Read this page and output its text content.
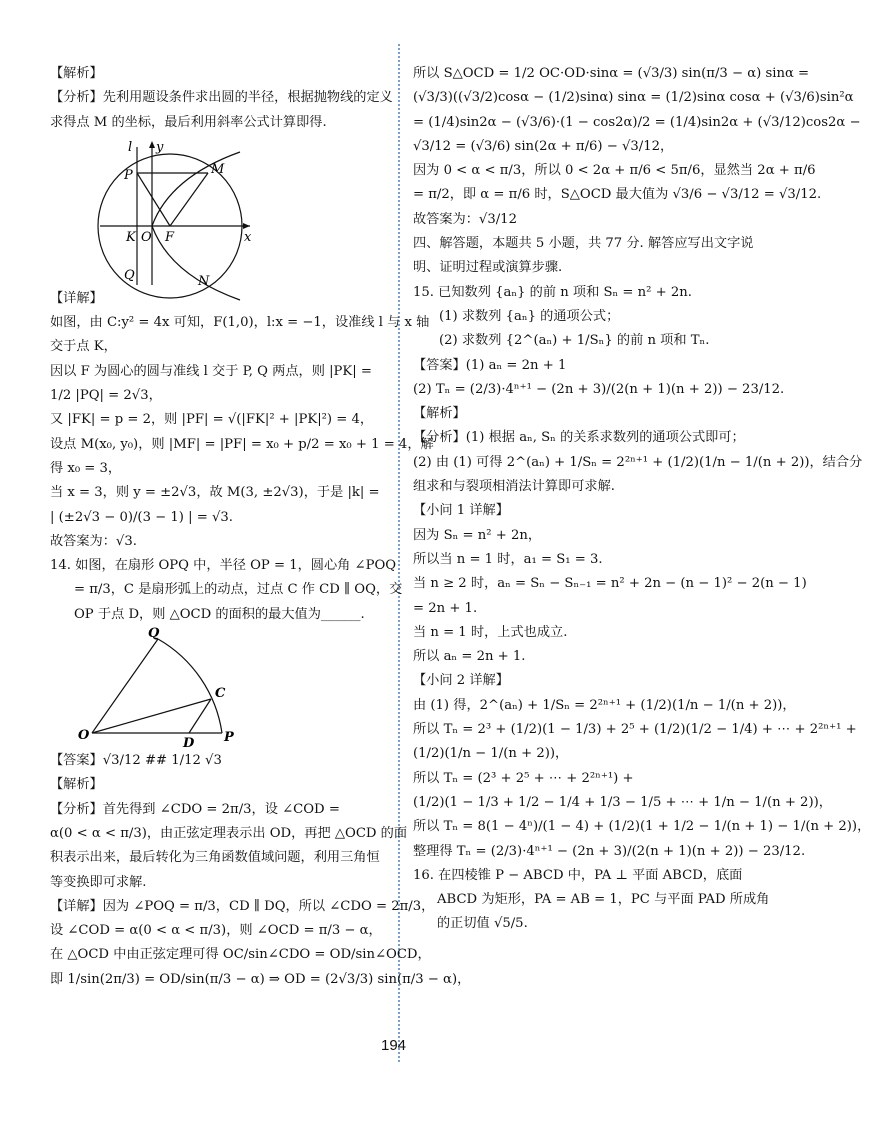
【解析】
【分析】先利用题设条件求出圆的半径，根据抛物线的定义
求得点 M 的坐标，最后利用斜率公式计算即得.
y
l
P	M
K O F	x
Q	N
【详解】
如图，由 C:y² = 4x 可知，F(1,0)，l:x = −1，设准线 l 与 x 轴
交于点 K，
因以 F 为圆心的圆与准线 l 交于 P, Q 两点，则 |PK| =
1/2 |PQ| = 2√3，
又 |FK| = p = 2，则 |PF| = √(|FK|² + |PK|²) = 4，
设点 M(x₀, y₀)，则 |MF| = |PF| = x₀ + p/2 = x₀ + 1 = 4，解
得 x₀ = 3，
当 x = 3，则 y = ±2√3，故 M(3, ±2√3)，于是 |k| =
| (±2√3 − 0)/(3 − 1) | = √3.
故答案为：√3.
14. 如图，在扇形 OPQ 中，半径 OP = 1，圆心角 ∠POQ
= π/3，C 是扇形弧上的动点，过点 C 作 CD ∥ OQ，交
OP 于点 D，则 △OCD 的面积的最大值为______.
Q
C
O
D P
【答案】√3/12 ## 1/12 √3
【解析】
【分析】首先得到 ∠CDO = 2π/3，设 ∠COD =
α(0 < α < π/3)，由正弦定理表示出 OD，再把 △OCD 的面
积表示出来，最后转化为三角函数值域问题，利用三角恒
等变换即可求解.
【详解】因为 ∠POQ = π/3，CD ∥ DQ，所以 ∠CDO = 2π/3，
设 ∠COD = α(0 < α < π/3)，则 ∠OCD = π/3 − α，
在 △OCD 中由正弦定理可得 OC/sin∠CDO = OD/sin∠OCD，
即 1/sin(2π/3) = OD/sin(π/3 − α) ⇒ OD = (2√3/3) sin(π/3 − α)，
所以 S△OCD = 1/2 OC·OD·sinα = (√3/3) sin(π/3 − α) sinα =
(√3/3)((√3/2)cosα − (1/2)sinα) sinα = (1/2)sinα cosα + (√3/6)sin²α
= (1/4)sin2α − (√3/6)·(1 − cos2α)/2 = (1/4)sin2α + (√3/12)cos2α −
√3/12 = (√3/6) sin(2α + π/6) − √3/12，
因为 0 < α < π/3，所以 0 < 2α + π/6 < 5π/6，显然当 2α + π/6
= π/2，即 α = π/6 时，S△OCD 最大值为 √3/6 − √3/12 = √3/12.
故答案为：√3/12
四、解答题，本题共 5 小题，共 77 分. 解答应写出文字说
明、证明过程或演算步骤.
15. 已知数列 {aₙ} 的前 n 项和 Sₙ = n² + 2n.
(1) 求数列 {aₙ} 的通项公式；
(2) 求数列 {2^(aₙ) + 1/Sₙ} 的前 n 项和 Tₙ.
【答案】(1) aₙ = 2n + 1
(2) Tₙ = (2/3)·4ⁿ⁺¹ − (2n + 3)/(2(n + 1)(n + 2)) − 23/12.
【解析】
【分析】(1) 根据 aₙ, Sₙ 的关系求数列的通项公式即可；
(2) 由 (1) 可得 2^(aₙ) + 1/Sₙ = 2²ⁿ⁺¹ + (1/2)(1/n − 1/(n + 2))，结合分
组求和与裂项相消法计算即可求解.
【小问 1 详解】
因为 Sₙ = n² + 2n，
所以当 n = 1 时，a₁ = S₁ = 3.
当 n ≥ 2 时，aₙ = Sₙ − Sₙ₋₁ = n² + 2n − (n − 1)² − 2(n − 1)
= 2n + 1.
当 n = 1 时，上式也成立.
所以 aₙ = 2n + 1.
【小问 2 详解】
由 (1) 得，2^(aₙ) + 1/Sₙ = 2²ⁿ⁺¹ + (1/2)(1/n − 1/(n + 2))，
所以 Tₙ = 2³ + (1/2)(1 − 1/3) + 2⁵ + (1/2)(1/2 − 1/4) + ⋯ + 2²ⁿ⁺¹ +
(1/2)(1/n − 1/(n + 2))，
所以 Tₙ = (2³ + 2⁵ + ⋯ + 2²ⁿ⁺¹) +
(1/2)(1 − 1/3 + 1/2 − 1/4 + 1/3 − 1/5 + ⋯ + 1/n − 1/(n + 2))，
所以 Tₙ = 8(1 − 4ⁿ)/(1 − 4) + (1/2)(1 + 1/2 − 1/(n + 1) − 1/(n + 2))，
整理得 Tₙ = (2/3)·4ⁿ⁺¹ − (2n + 3)/(2(n + 1)(n + 2)) − 23/12.
16. 在四棱锥 P − ABCD 中，PA ⊥ 平面 ABCD，底面
ABCD 为矩形，PA = AB = 1，PC 与平面 PAD 所成角
的正切值 √5/5.
194
